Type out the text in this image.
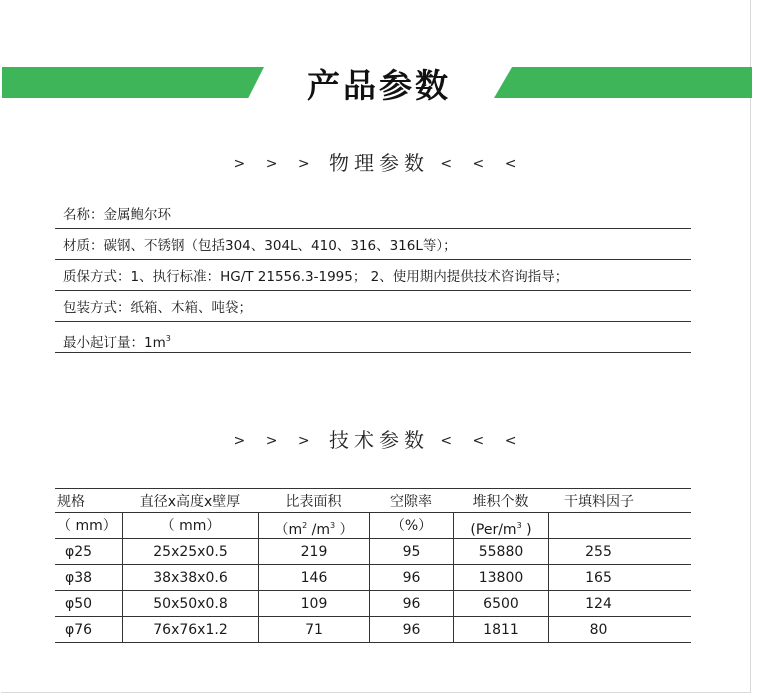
产品参数
> > > 物理参数 < < <
名称：金属鲍尔环
材质：碳钢、不锈钢（包括304、304L、410、316、316L等）；
质保方式：1、执行标准：HG/T 21556.3-1995； 2、使用期内提供技术咨询指导；
包装方式：纸箱、木箱、吨袋；
最小起订量：$1m^3$
> > > 技术参数 < < <
规格	直径x高度x壁厚	比表面积	空隙率	堆积个数	干填料因子
（ mm）	（ mm）	（$m^2$ $/m^3$ ）	（%）	($Per/m^3$ )
φ25	25x25x0.5	219	95	55880	255
φ38	38x38x0.6	146	96	13800	165
φ50	50x50x0.8	109	96	6500	124
φ76	76x76x1.2	71	96	1811	80
